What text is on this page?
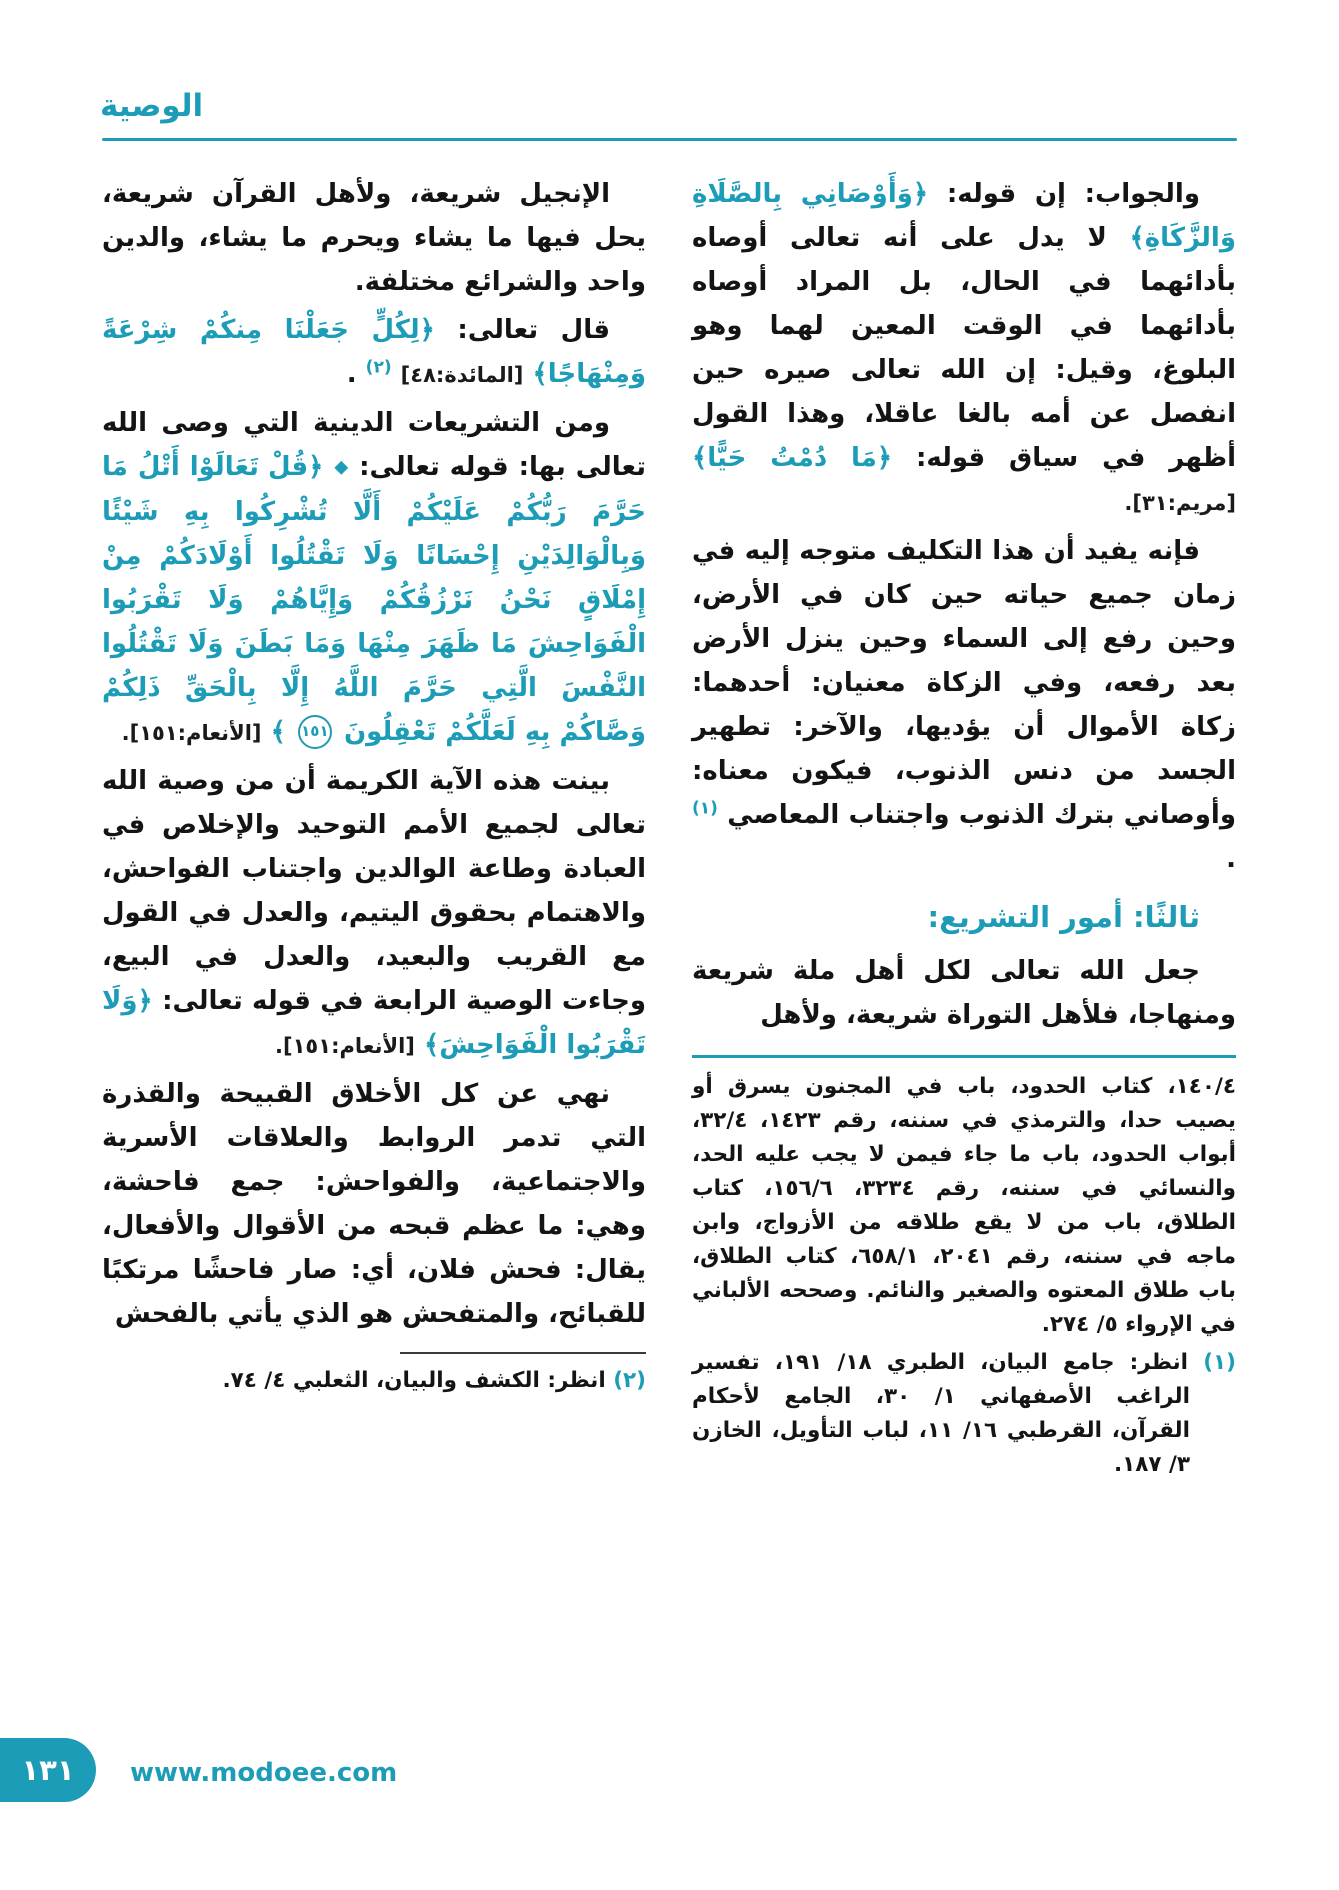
الوصية

والجواب: إن قوله: ﴿وَأَوْصَانِي بِالصَّلَاةِ وَالزَّكَاةِ﴾ لا يدل على أنه تعالى أوصاه بأدائهما في الحال، بل المراد أوصاه بأدائهما في الوقت المعين لهما وهو البلوغ، وقيل: إن الله تعالى صيره حين انفصل عن أمه بالغا عاقلا، وهذا القول أظهر في سياق قوله: ﴿مَا دُمْتُ حَيًّا﴾ [مريم:٣١].

فإنه يفيد أن هذا التكليف متوجه إليه في زمان جميع حياته حين كان في الأرض، وحين رفع إلى السماء وحين ينزل الأرض بعد رفعه، وفي الزكاة معنيان: أحدهما: زكاة الأموال أن يؤديها، والآخر: تطهير الجسد من دنس الذنوب، فيكون معناه: وأوصاني بترك الذنوب واجتناب المعاصي $^{(١)}$ .

ثالثًا: أمور التشريع:

جعل الله تعالى لكل أهل ملة شريعة ومنهاجا، فلأهل التوراة شريعة، ولأهل

١٤٠/٤، كتاب الحدود، باب في المجنون يسرق أو يصيب حدا، والترمذي في سننه، رقم ١٤٢٣، ٣٢/٤، أبواب الحدود، باب ما جاء فيمن لا يجب عليه الحد، والنسائي في سننه، رقم ٣٢٣٤، ١٥٦/٦، كتاب الطلاق، باب من لا يقع طلاقه من الأزواج، وابن ماجه في سننه، رقم ٢٠٤١، ٦٥٨/١، كتاب الطلاق، باب طلاق المعتوه والصغير والنائم. وصححه الألباني في الإرواء ٥/ ٢٧٤.

(١) انظر: جامع البيان، الطبري ١٨/ ١٩١، تفسير الراغب الأصفهاني ١/ ٣٠، الجامع لأحكام القرآن، القرطبي ١٦/ ١١، لباب التأويل، الخازن ٣/ ١٨٧.

الإنجيل شريعة، ولأهل القرآن شريعة، يحل فيها ما يشاء ويحرم ما يشاء، والدين واحد والشرائع مختلفة.

قال تعالى: ﴿لِكُلٍّ جَعَلْنَا مِنكُمْ شِرْعَةً وَمِنْهَاجًا﴾ [المائدة:٤٨] $^{(٢)}$ .

ومن التشريعات الدينية التي وصى الله تعالى بها: قوله تعالى: ◆ ﴿قُلْ تَعَالَوْا أَتْلُ مَا حَرَّمَ رَبُّكُمْ عَلَيْكُمْ أَلَّا تُشْرِكُوا بِهِ شَيْئًا وَبِالْوَالِدَيْنِ إِحْسَانًا وَلَا تَقْتُلُوا أَوْلَادَكُمْ مِنْ إِمْلَاقٍ نَحْنُ نَرْزُقُكُمْ وَإِيَّاهُمْ وَلَا تَقْرَبُوا الْفَوَاحِشَ مَا ظَهَرَ مِنْهَا وَمَا بَطَنَ وَلَا تَقْتُلُوا النَّفْسَ الَّتِي حَرَّمَ اللَّهُ إِلَّا بِالْحَقِّ ذَلِكُمْ وَصَّاكُمْ بِهِ لَعَلَّكُمْ تَعْقِلُونَ ١٥١ ﴾ [الأنعام:١٥١].

بينت هذه الآية الكريمة أن من وصية الله تعالى لجميع الأمم التوحيد والإخلاص في العبادة وطاعة الوالدين واجتناب الفواحش، والاهتمام بحقوق اليتيم، والعدل في القول مع القريب والبعيد، والعدل في البيع، وجاءت الوصية الرابعة في قوله تعالى: ﴿وَلَا تَقْرَبُوا الْفَوَاحِشَ﴾ [الأنعام:١٥١].

نهي عن كل الأخلاق القبيحة والقذرة التي تدمر الروابط والعلاقات الأسرية والاجتماعية، والفواحش: جمع فاحشة، وهي: ما عظم قبحه من الأقوال والأفعال، يقال: فحش فلان، أي: صار فاحشًا مرتكبًا للقبائح، والمتفحش هو الذي يأتي بالفحش

(٢) انظر: الكشف والبيان، الثعلبي ٤/ ٧٤.

١٣١ www.modoee.com
